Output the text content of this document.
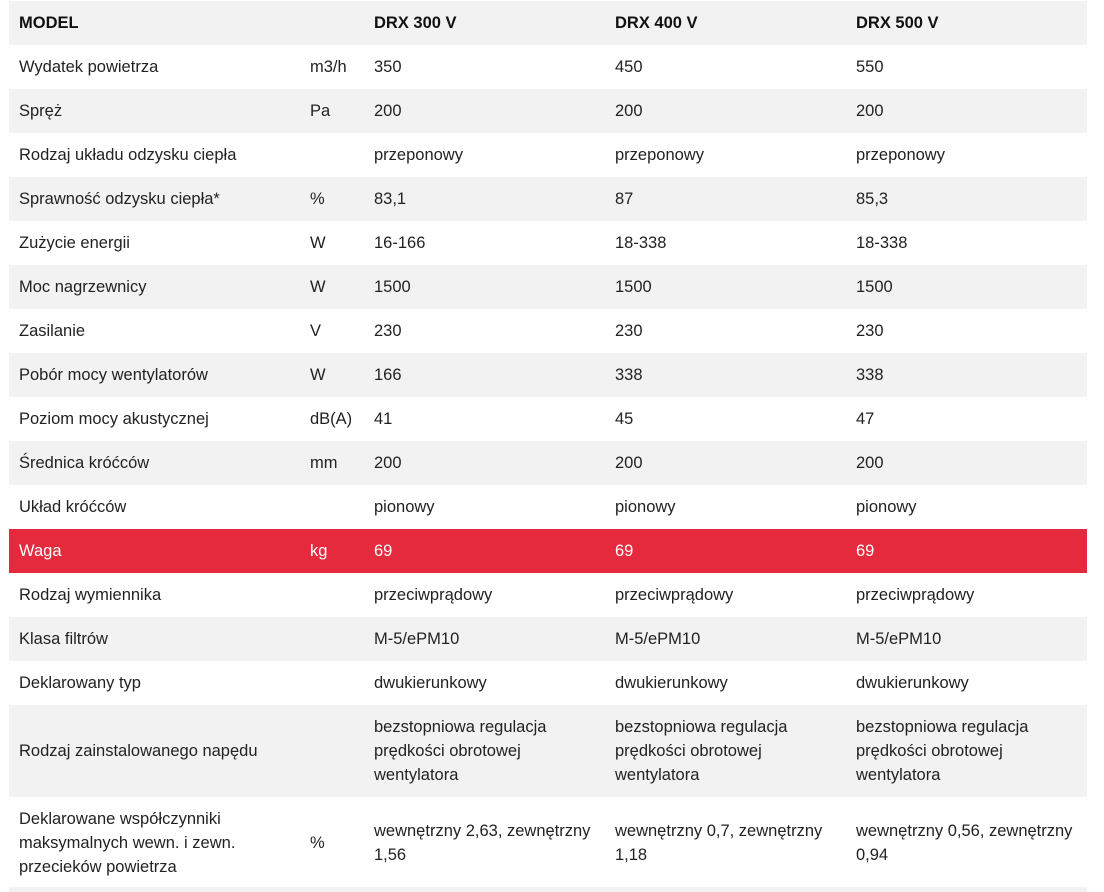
MODEL		DRX 300 V	DRX 400 V	DRX 500 V
Wydatek powietrza	m3/h	350	450	550
Spręż	Pa	200	200	200
Rodzaj układu odzysku ciepła		przeponowy	przeponowy	przeponowy
Sprawność odzysku ciepła*	%	83,1	87	85,3
Zużycie energii	W	16-166	18-338	18-338
Moc nagrzewnicy	W	1500	1500	1500
Zasilanie	V	230	230	230
Pobór mocy wentylatorów	W	166	338	338
Poziom mocy akustycznej	dB(A)	41	45	47
Średnica króćców	mm	200	200	200
Układ króćców		pionowy	pionowy	pionowy
Waga	kg	69	69	69
Rodzaj wymiennika		przeciwprądowy	przeciwprądowy	przeciwprądowy
Klasa filtrów		M-5/ePM10	M-5/ePM10	M-5/ePM10
Deklarowany typ		dwukierunkowy	dwukierunkowy	dwukierunkowy
Rodzaj zainstalowanego napędu		bezstopniowa regulacja prędkości obrotowej wentylatora	bezstopniowa regulacja prędkości obrotowej wentylatora	bezstopniowa regulacja prędkości obrotowej wentylatora
Deklarowane współczynniki maksymalnych wewn. i zewn. przecieków powietrza	%	wewnętrzny 2,63, zewnętrzny 1,56	wewnętrzny 0,7, zewnętrzny 1,18	wewnętrzny 0,56, zewnętrzny 0,94
